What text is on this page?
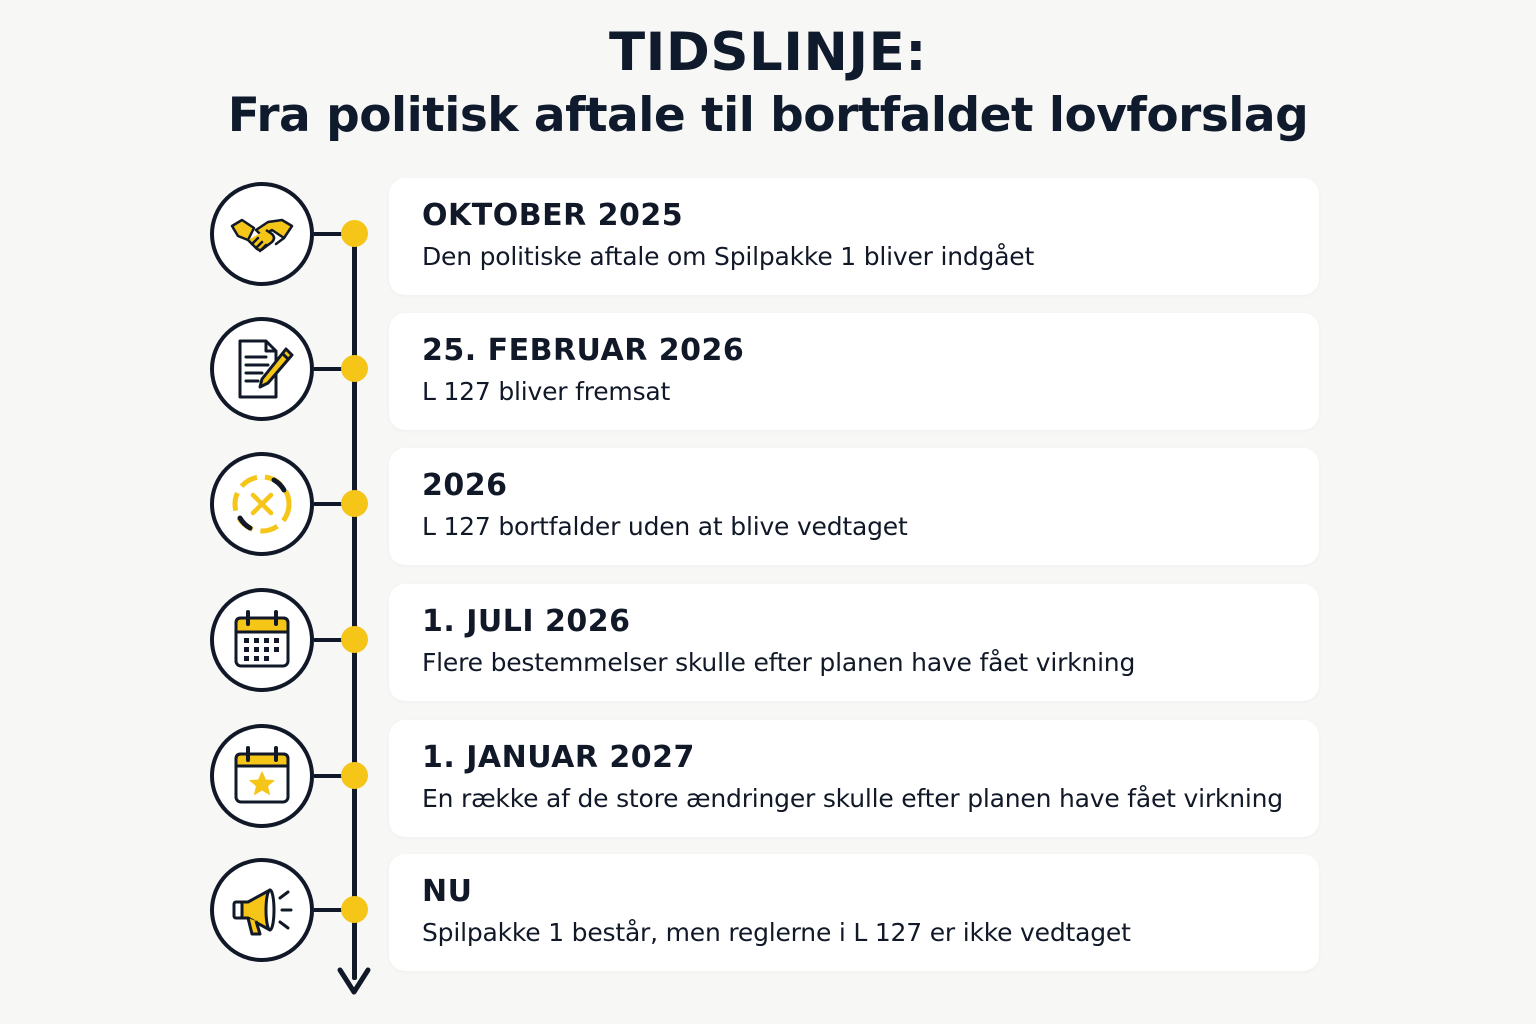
TIDSLINJE:
Fra politisk aftale til bortfaldet lovforslag
OKTOBER 2025
Den politiske aftale om Spilpakke 1 bliver indgået
25. FEBRUAR 2026
L 127 bliver fremsat
2026
L 127 bortfalder uden at blive vedtaget
1. JULI 2026
Flere bestemmelser skulle efter planen have fået virkning
1. JANUAR 2027
En række af de store ændringer skulle efter planen have fået virkning
NU
Spilpakke 1 består, men reglerne i L 127 er ikke vedtaget
